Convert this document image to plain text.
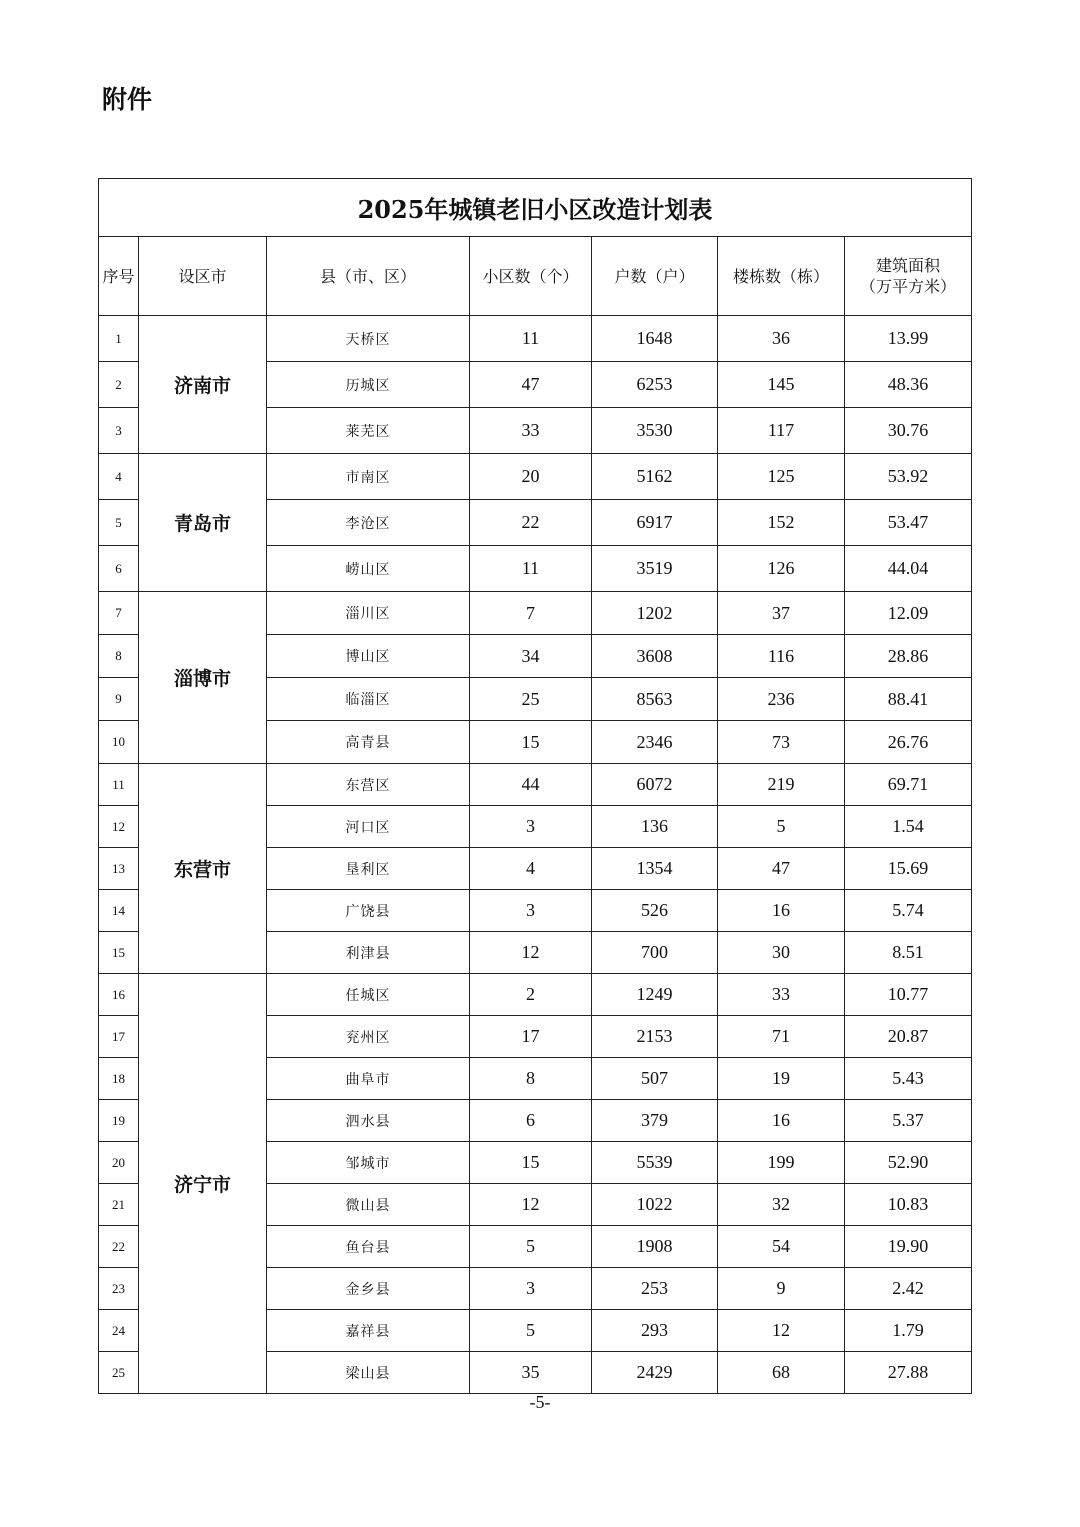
附件
2025年城镇老旧小区改造计划表						
序号	设区市	县（市、区）	小区数（个）	户数（户）	楼栋数（栋）	建筑面积
（万平方米）
1	济南市	天桥区	11	1648	36	13.99
2		历城区	47	6253	145	48.36
3		莱芜区	33	3530	117	30.76
4	青岛市	市南区	20	5162	125	53.92
5		李沧区	22	6917	152	53.47
6		崂山区	11	3519	126	44.04
7	淄博市	淄川区	7	1202	37	12.09
8		博山区	34	3608	116	28.86
9		临淄区	25	8563	236	88.41
10		高青县	15	2346	73	26.76
11	东营市	东营区	44	6072	219	69.71
12		河口区	3	136	5	1.54
13		垦利区	4	1354	47	15.69
14		广饶县	3	526	16	5.74
15		利津县	12	700	30	8.51
16	济宁市	任城区	2	1249	33	10.77
17		兖州区	17	2153	71	20.87
18		曲阜市	8	507	19	5.43
19		泗水县	6	379	16	5.37
20		邹城市	15	5539	199	52.90
21		微山县	12	1022	32	10.83
22		鱼台县	5	1908	54	19.90
23		金乡县	3	253	9	2.42
24		嘉祥县	5	293	12	1.79
25		梁山县	35	2429	68	27.88
-5-
